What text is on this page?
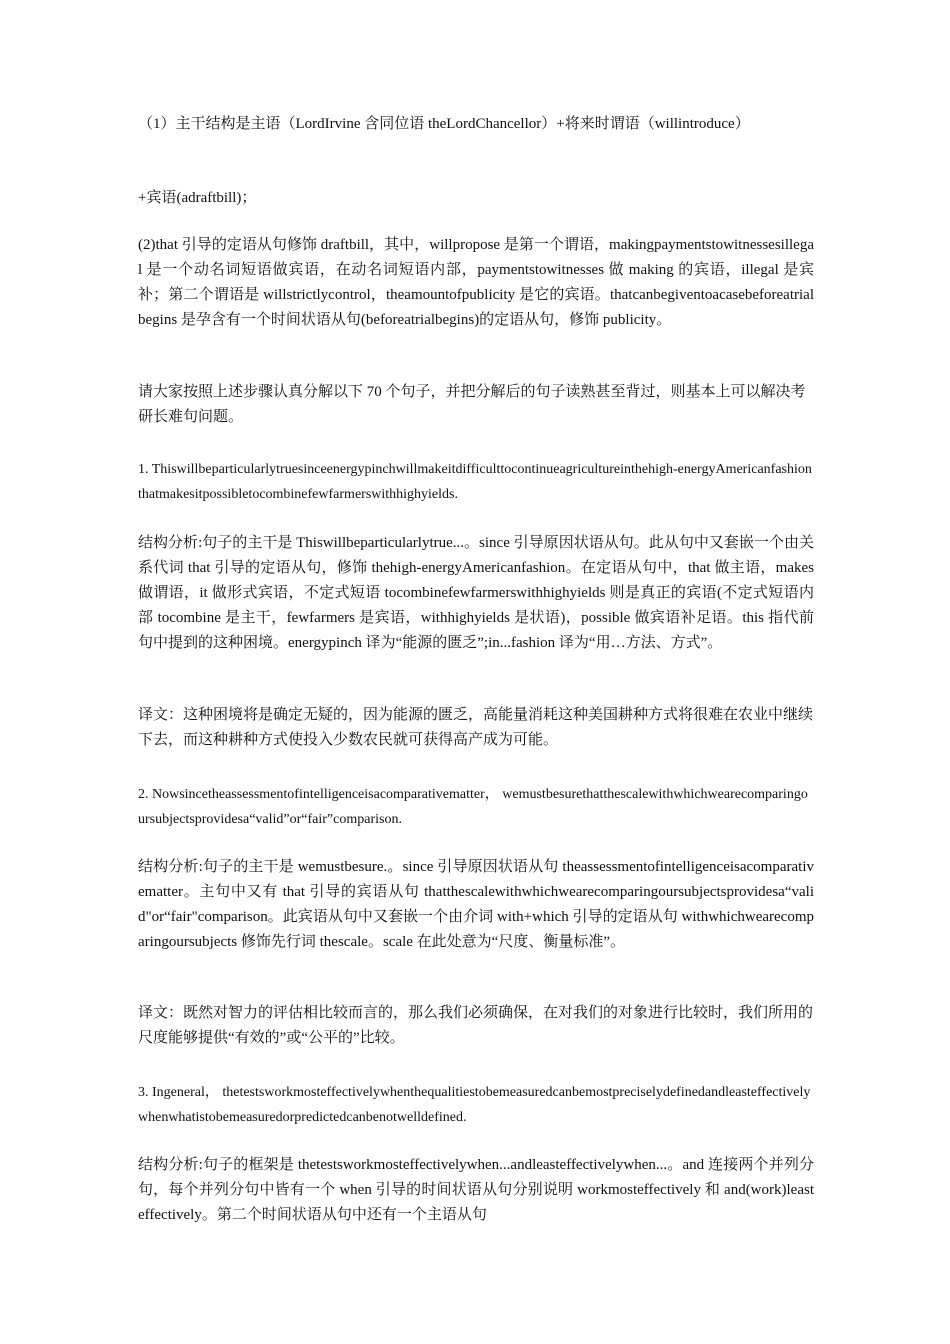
（1）主干结构是主语（LordIrvine 含同位语 theLordChancellor）+将来时谓语（willintroduce）

+宾语(adraftbill)；

(2)that 引导的定语从句修饰 draftbill，其中，willpropose 是第一个谓语，makingpaymentstowitnessesillegal 是一个动名词短语做宾语，在动名词短语内部，paymentstowitnesses 做 making 的宾语，illegal 是宾补；第二个谓语是 willstrictlycontrol，theamountofpublicity 是它的宾语。thatcanbegiventoacasebeforeatrialbegins 是孕含有一个时间状语从句(beforeatrialbegins)的定语从句，修饰 publicity。

请大家按照上述步骤认真分解以下 70 个句子，并把分解后的句子读熟甚至背过，则基本上可以解决考研长难句问题。

1. Thiswillbeparticularlytruesinceenergypinchwillmakeitdifficulttocontinueagricultureinthehigh-energyAmericanfashionthatmakesitpossibletocombinefewfarmerswithhighyields.

结构分析:句子的主干是 Thiswillbeparticularlytrue...。since 引导原因状语从句。此从句中又套嵌一个由关系代词 that 引导的定语从句，修饰 thehigh-energyAmericanfashion。在定语从句中，that 做主语，makes 做谓语，it 做形式宾语，不定式短语 tocombinefewfarmerswithhighyields 则是真正的宾语(不定式短语内部 tocombine 是主干，fewfarmers 是宾语，withhighyields 是状语)，possible 做宾语补足语。this 指代前句中提到的这种困境。energypinch 译为“能源的匮乏”;in...fashion 译为“用…方法、方式”。

译文：这种困境将是确定无疑的，因为能源的匮乏，高能量消耗这种美国耕种方式将很难在农业中继续下去，而这种耕种方式使投入少数农民就可获得高产成为可能。

2. Nowsincetheassessmentofintelligenceisacomparativematter， wemustbesurethatthescalewithwhichwearecomparingoursubjectsprovidesa“valid”or“fair”comparison.

结构分析:句子的主干是 wemustbesure.。since 引导原因状语从句 theassessmentofintelligenceisacomparativematter。主句中又有 that 引导的宾语从句 thatthescalewithwhichwearecomparingoursubjectsprovidesa“valid"or“fair"comparison。此宾语从句中又套嵌一个由介词 with+which 引导的定语从句 withwhichwearecomparingoursubjects 修饰先行词 thescale。scale 在此处意为“尺度、衡量标准”。

译文：既然对智力的评估相比较而言的，那么我们必须确保，在对我们的对象进行比较时，我们所用的尺度能够提供“有效的”或“公平的”比较。

3. Ingeneral， thetestsworkmosteffectivelywhenthequalitiestobemeasuredcanbemostpreciselydefinedandleasteffectivelywhenwhatistobemeasuredorpredictedcanbenotwelldefined.

结构分析:句子的框架是 thetestsworkmosteffectivelywhen...andleasteffectivelywhen...。and 连接两个并列分句，每个并列分句中皆有一个 when 引导的时间状语从句分别说明 workmosteffectively 和 and(work)leasteffectively。第二个时间状语从句中还有一个主语从句
